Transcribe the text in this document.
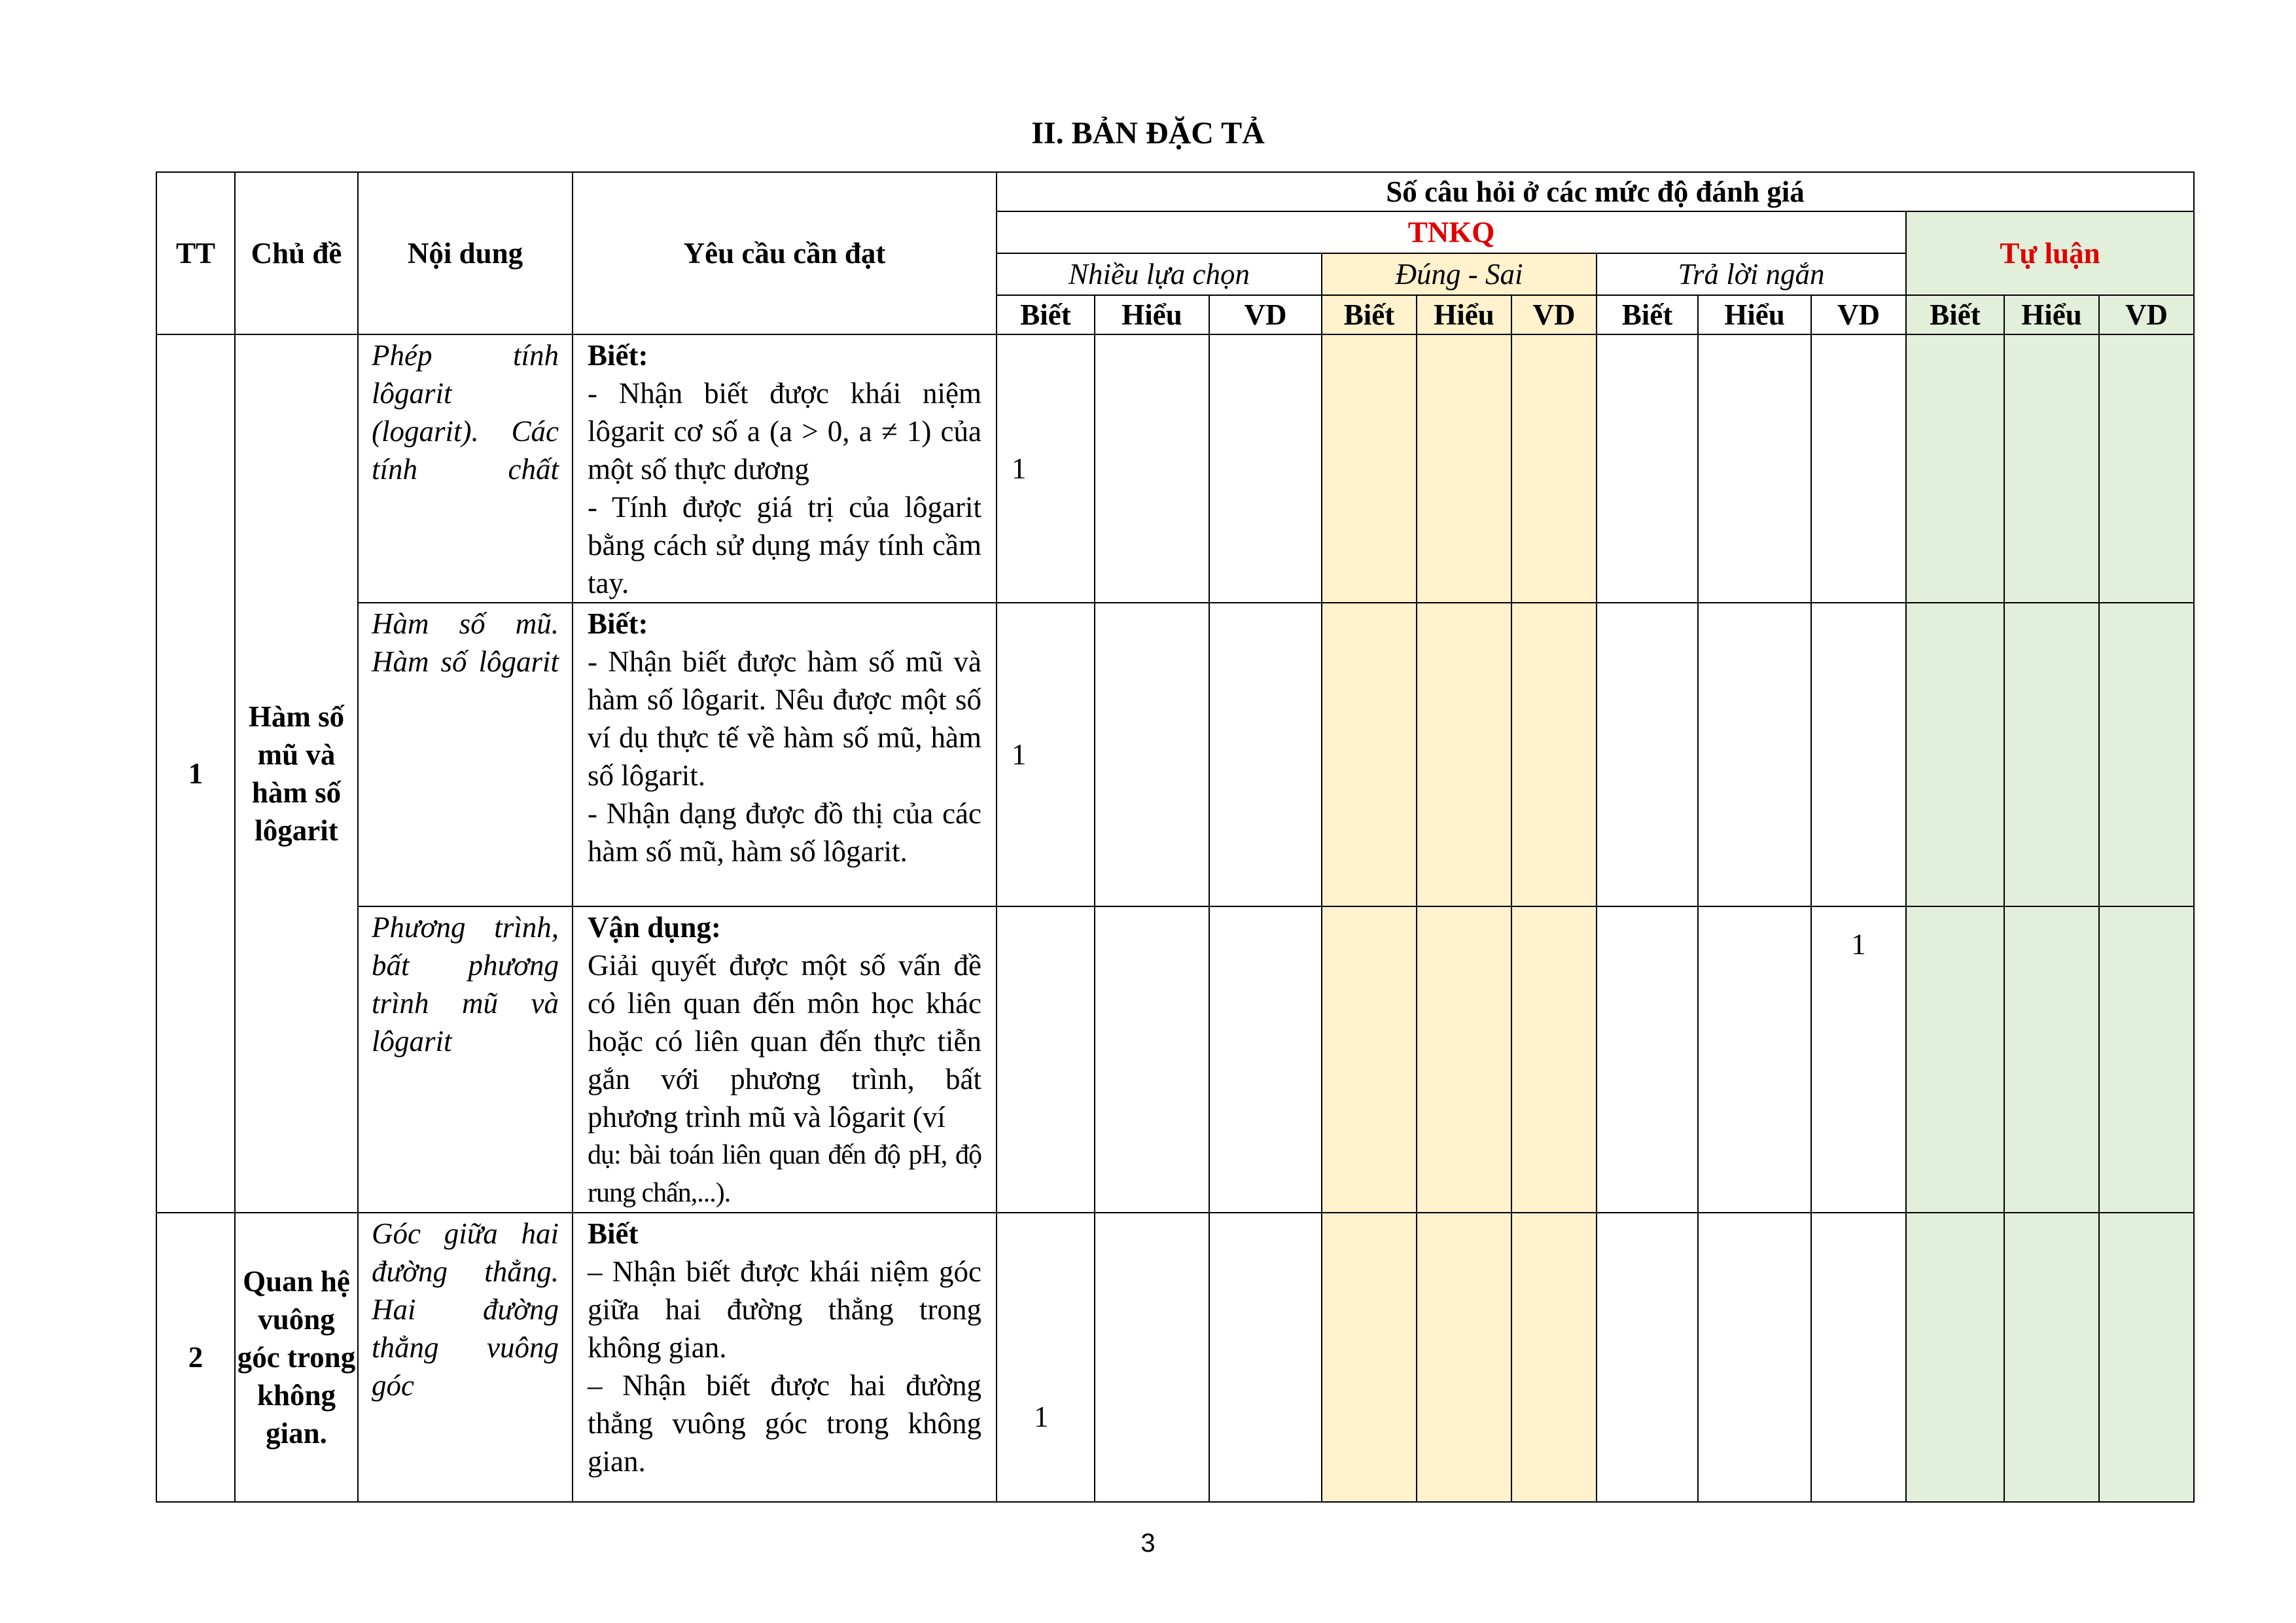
II. BẢN ĐẶC TẢ
TT	Chủ đề	Nội dung	Yêu cầu cần đạt	Số câu hỏi ở các mức độ đánh giá											
				TNKQ									Tự luận		
				Nhiều lựa chọn			Đúng - Sai			Trả lời ngắn					
				Biết	Hiểu	VD	Biết	Hiểu	VD	Biết	Hiểu	VD	Biết	Hiểu	VD
1	Hàm số mũ và hàm số lôgarit	Phép tính lôgarit (logarit). Các tính chất	Biết:

- Nhận biết được khái niệm lôgarit cơ số a (a > 0, a ≠ 1) của một số thực dương

- Tính được giá trị của lôgarit bằng cách sử dụng máy tính cầm tay.	1											
		Hàm số mũ. Hàm số lôgarit	Biết:

- Nhận biết được hàm số mũ và hàm số lôgarit. Nêu được một số ví dụ thực tế về hàm số mũ, hàm số lôgarit.

- Nhận dạng được đồ thị của các hàm số mũ, hàm số lôgarit.	1											
		Phương trình, bất phương trình mũ và lôgarit	Vận dụng:

Giải quyết được một số vấn đề có liên quan đến môn học khác hoặc có liên quan đến thực tiễn gắn với phương trình, bất phương trình mũ và lôgarit (ví

dụ: bài toán liên quan đến độ pH, độ rung chấn,...).									1			
2	Quan hệ vuông góc trong không gian.	Góc giữa hai đường thẳng. Hai đường thẳng vuông góc	Biết

– Nhận biết được khái niệm góc giữa hai đường thẳng trong không gian.

– Nhận biết được hai đường thẳng vuông góc trong không gian.	1											
3
